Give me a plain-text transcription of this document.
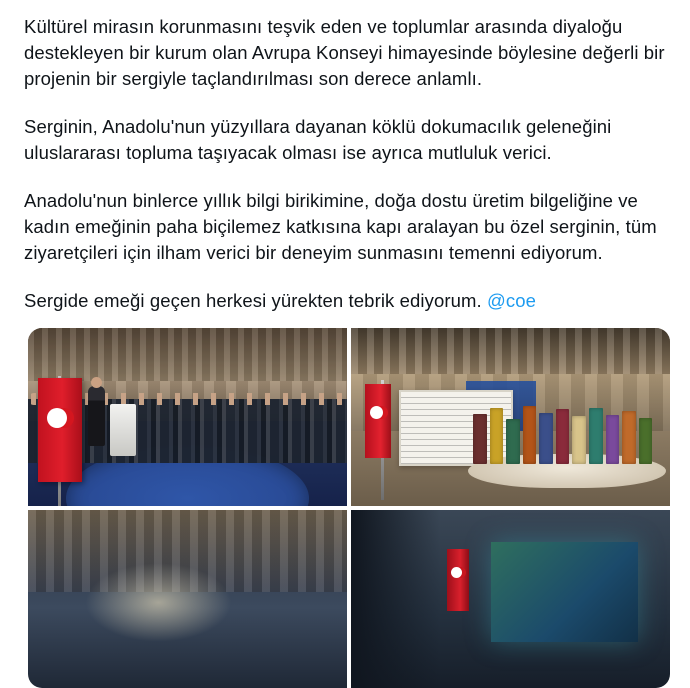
Kültürel mirasın korunmasını teşvik eden ve toplumlar arasında diyaloğu destekleyen bir kurum olan Avrupa Konseyi himayesinde böylesine değerli bir projenin bir sergiyle taçlandırılması son derece anlamlı.

Serginin, Anadolu'nun yüzyıllara dayanan köklü dokumacılık geleneğini uluslararası topluma taşıyacak olması ise ayrıca mutluluk verici.

Anadolu'nun binlerce yıllık bilgi birikimine, doğa dostu üretim bilgeliğine ve kadın emeğinin paha biçilemez katkısına kapı aralayan bu özel serginin, tüm ziyaretçileri için ilham verici bir deneyim sunmasını temenni ediyorum.

Sergide emeği geçen herkesi yürekten tebrik ediyorum. @coe
